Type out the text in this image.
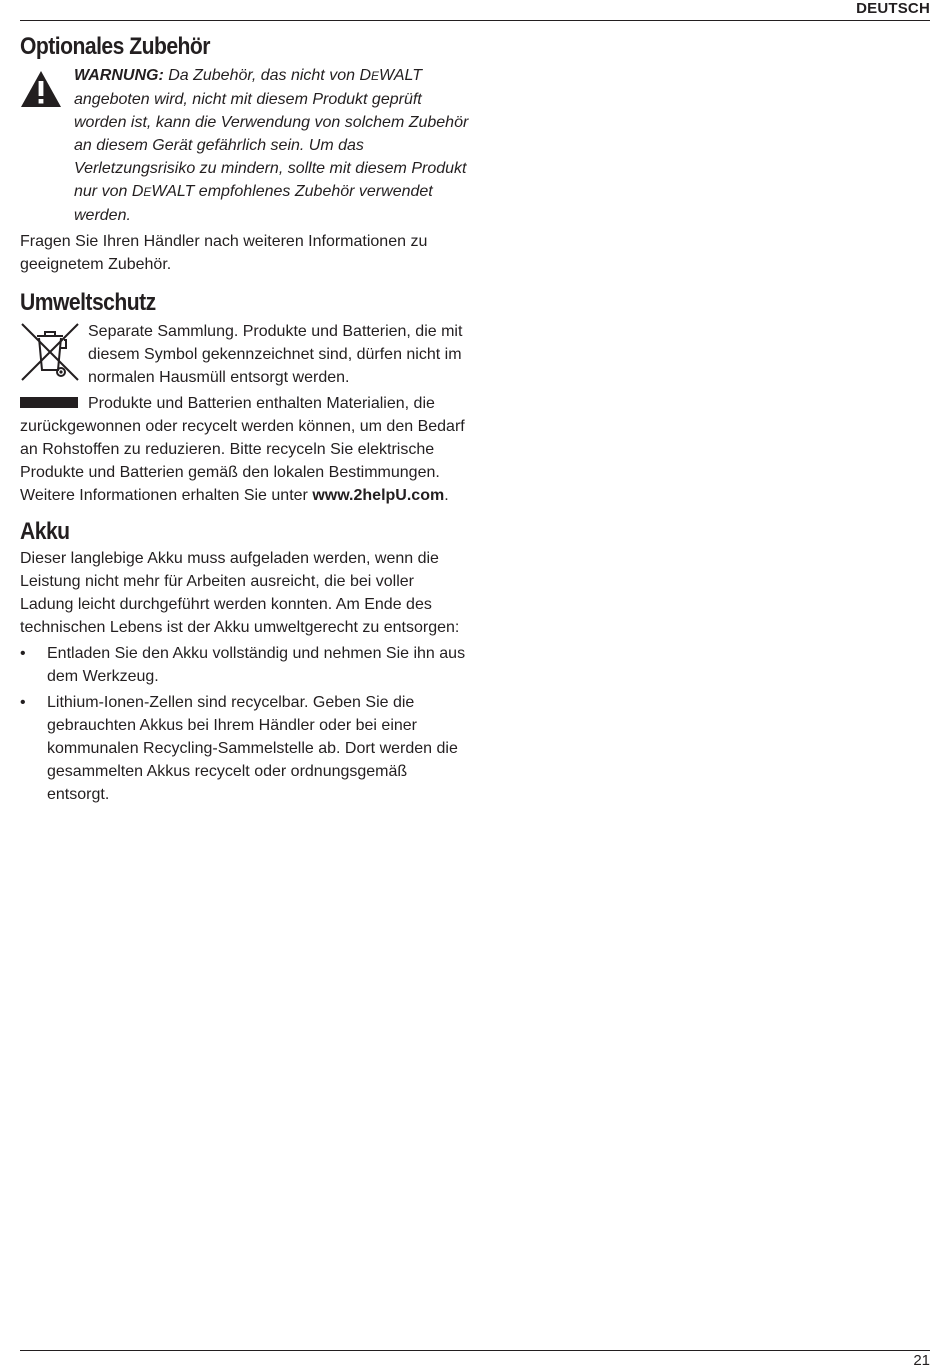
DEUTSCH
Optionales Zubehör

WARNUNG: Da Zubehör, das nicht von DEWALT angeboten wird, nicht mit diesem Produkt geprüft worden ist, kann die Verwendung von solchem Zubehör an diesem Gerät gefährlich sein. Um das Verletzungsrisiko zu mindern, sollte mit diesem Produkt nur von DEWALT empfohlenes Zubehör verwendet werden.

Fragen Sie Ihren Händler nach weiteren Informationen zu geeignetem Zubehör.

Umweltschutz

Separate Sammlung. Produkte und Batterien, die mit diesem Symbol gekennzeichnet sind, dürfen nicht im normalen Hausmüll entsorgt werden.

Produkte und Batterien enthalten Materialien, die zurückgewonnen oder recycelt werden können, um den Bedarf an Rohstoffen zu reduzieren. Bitte recyceln Sie elektrische Produkte und Batterien gemäß den lokalen Bestimmungen. Weitere Informationen erhalten Sie unter www.2helpU.com.

Akku

Dieser langlebige Akku muss aufgeladen werden, wenn die Leistung nicht mehr für Arbeiten ausreicht, die bei voller Ladung leicht durchgeführt werden konnten. Am Ende des technischen Lebens ist der Akku umweltgerecht zu entsorgen:

• Entladen Sie den Akku vollständig und nehmen Sie ihn aus dem Werkzeug.
• Lithium-Ionen-Zellen sind recycelbar. Geben Sie die gebrauchten Akkus bei Ihrem Händler oder bei einer kommunalen Recycling-Sammelstelle ab. Dort werden die gesammelten Akkus recycelt oder ordnungsgemäß entsorgt.
21
